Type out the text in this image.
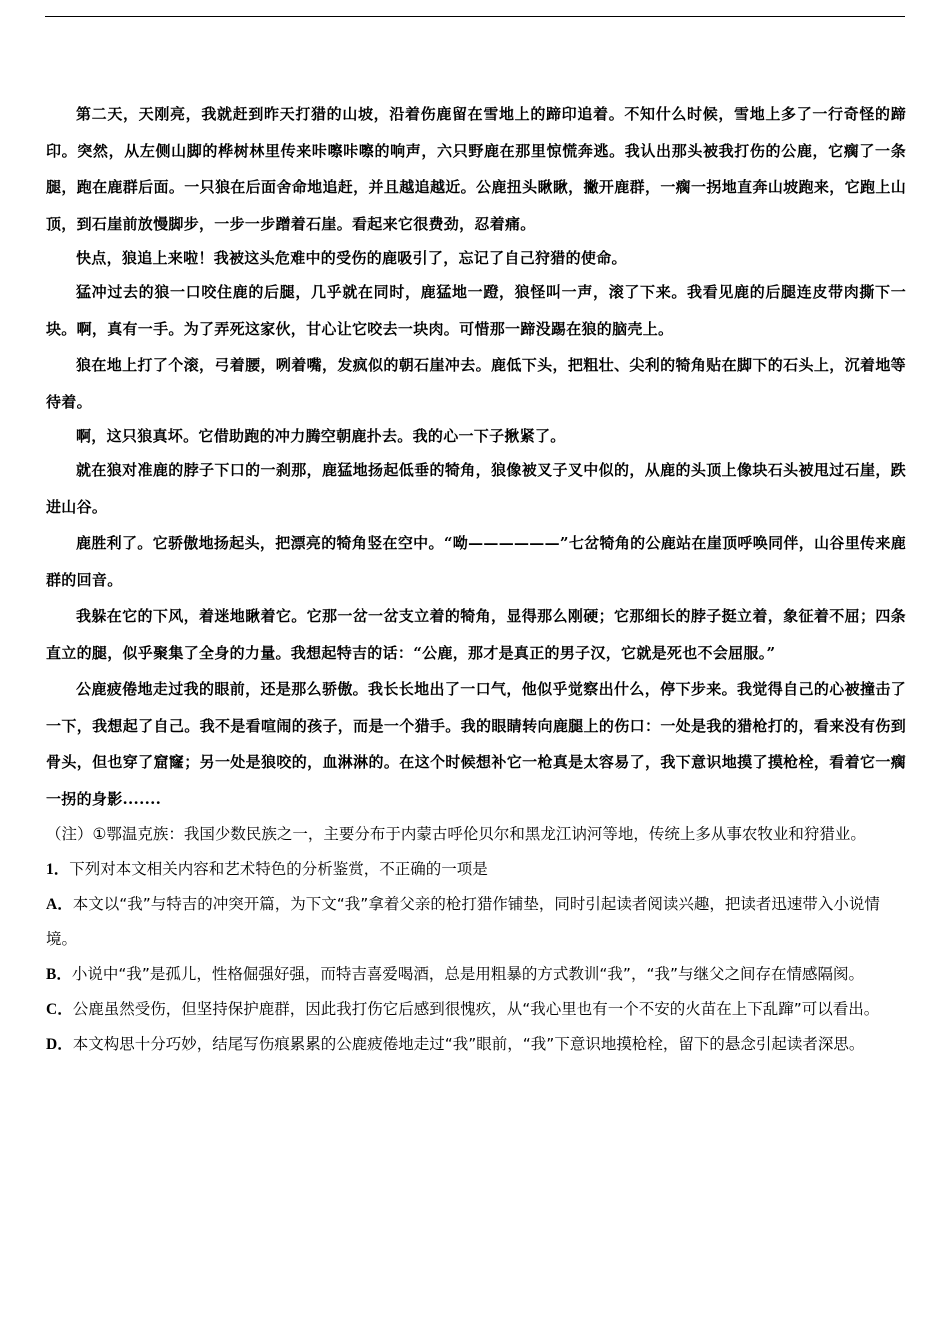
第二天，天刚亮，我就赶到昨天打猎的山坡，沿着伤鹿留在雪地上的蹄印追着。不知什么时候，雪地上多了一行奇怪的蹄印。突然，从左侧山脚的桦树林里传来咔嚓咔嚓的响声，六只野鹿在那里惊慌奔逃。我认出那头被我打伤的公鹿，它瘸了一条腿，跑在鹿群后面。一只狼在后面舍命地追赶，并且越追越近。公鹿扭头瞅瞅，撇开鹿群，一瘸一拐地直奔山坡跑来，它跑上山顶，到石崖前放慢脚步，一步一步蹭着石崖。看起来它很费劲，忍着痛。

快点，狼追上来啦！我被这头危难中的受伤的鹿吸引了，忘记了自己狩猎的使命。

猛冲过去的狼一口咬住鹿的后腿，几乎就在同时，鹿猛地一蹬，狼怪叫一声，滚了下来。我看见鹿的后腿连皮带肉撕下一块。啊，真有一手。为了弄死这家伙，甘心让它咬去一块肉。可惜那一蹄没踢在狼的脑壳上。

狼在地上打了个滚，弓着腰，咧着嘴，发疯似的朝石崖冲去。鹿低下头，把粗壮、尖利的犄角贴在脚下的石头上，沉着地等待着。

啊，这只狼真坏。它借助跑的冲力腾空朝鹿扑去。我的心一下子揪紧了。

就在狼对准鹿的脖子下口的一刹那，鹿猛地扬起低垂的犄角，狼像被叉子叉中似的，从鹿的头顶上像块石头被甩过石崖，跌进山谷。

鹿胜利了。它骄傲地扬起头，把漂亮的犄角竖在空中。“呦——————”七岔犄角的公鹿站在崖顶呼唤同伴，山谷里传来鹿群的回音。

我躲在它的下风，着迷地瞅着它。它那一岔一岔支立着的犄角，显得那么刚硬；它那细长的脖子挺立着，象征着不屈；四条直立的腿，似乎聚集了全身的力量。我想起特吉的话：“公鹿，那才是真正的男子汉，它就是死也不会屈服。”

公鹿疲倦地走过我的眼前，还是那么骄傲。我长长地出了一口气，他似乎觉察出什么，停下步来。我觉得自己的心被撞击了一下，我想起了自己。我不是看喧闹的孩子，而是一个猎手。我的眼睛转向鹿腿上的伤口：一处是我的猎枪打的，看来没有伤到骨头，但也穿了窟窿；另一处是狼咬的，血淋淋的。在这个时候想补它一枪真是太容易了，我下意识地摸了摸枪栓，看着它一瘸一拐的身影.......

（注）①鄂温克族：我国少数民族之一，主要分布于内蒙古呼伦贝尔和黑龙江讷河等地，传统上多从事农牧业和狩猎业。

1．下列对本文相关内容和艺术特色的分析鉴赏，不正确的一项是

A．本文以“我”与特吉的冲突开篇，为下文“我”拿着父亲的枪打猎作铺垫，同时引起读者阅读兴趣，把读者迅速带入小说情境。

B．小说中“我”是孤儿，性格倔强好强，而特吉喜爱喝酒，总是用粗暴的方式教训“我”，“我”与继父之间存在情感隔阂。

C．公鹿虽然受伤，但坚持保护鹿群，因此我打伤它后感到很愧疚，从“我心里也有一个不安的火苗在上下乱蹿”可以看出。

D．本文构思十分巧妙，结尾写伤痕累累的公鹿疲倦地走过“我”眼前，“我”下意识地摸枪栓，留下的悬念引起读者深思。
